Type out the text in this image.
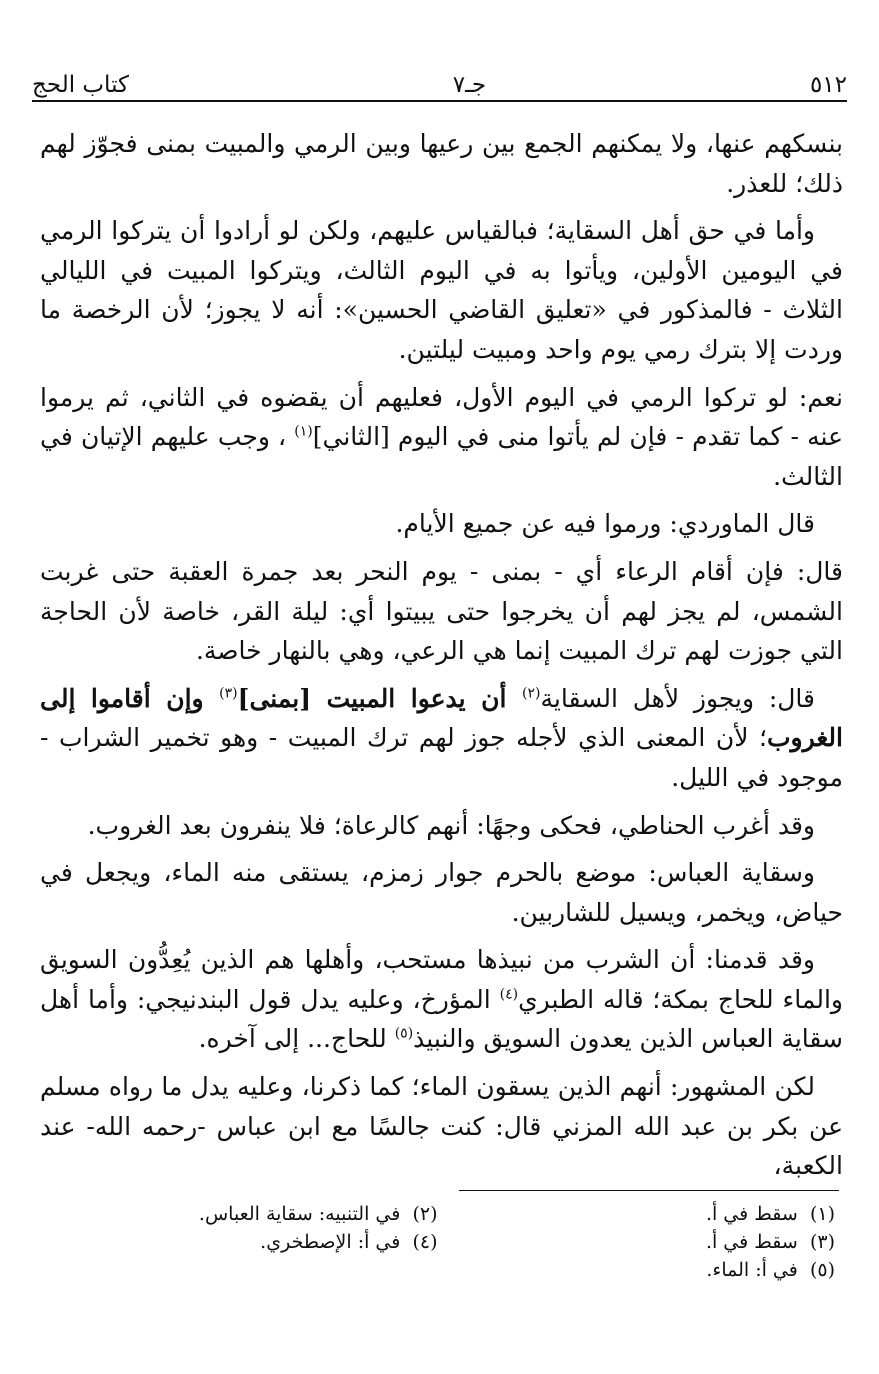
٥١٢
جـ٧
كتاب الحج

بنسكهم عنها، ولا يمكنهم الجمع بين رعيها وبين الرمي والمبيت بمنى فجوّز لهم ذلك؛ للعذر.

وأما في حق أهل السقاية؛ فبالقياس عليهم، ولكن لو أرادوا أن يتركوا الرمي في اليومين الأولين، ويأتوا به في اليوم الثالث، ويتركوا المبيت في الليالي الثلاث - فالمذكور في «تعليق القاضي الحسين»: أنه لا يجوز؛ لأن الرخصة ما وردت إلا بترك رمي يوم واحد ومبيت ليلتين.

نعم: لو تركوا الرمي في اليوم الأول، فعليهم أن يقضوه في الثاني، ثم يرموا عنه - كما تقدم - فإن لم يأتوا منى في اليوم [الثاني]$^{(١)}$ ، وجب عليهم الإتيان في الثالث.

قال الماوردي: ورموا فيه عن جميع الأيام.

قال: فإن أقام الرعاء أي - بمنى - يوم النحر بعد جمرة العقبة حتى غربت الشمس، لم يجز لهم أن يخرجوا حتى يبيتوا أي: ليلة القر، خاصة لأن الحاجة التي جوزت لهم ترك المبيت إنما هي الرعي، وهي بالنهار خاصة.

قال: ويجوز لأهل السقاية$^{(٢)}$ أن يدعوا المبيت [بمنى]$^{(٣)}$ وإن أقاموا إلى الغروب؛ لأن المعنى الذي لأجله جوز لهم ترك المبيت - وهو تخمير الشراب - موجود في الليل.

وقد أغرب الحناطي، فحكى وجهًا: أنهم كالرعاة؛ فلا ينفرون بعد الغروب.

وسقاية العباس: موضع بالحرم جوار زمزم، يستقى منه الماء، ويجعل في حياض، ويخمر، ويسيل للشاربين.

وقد قدمنا: أن الشرب من نبيذها مستحب، وأهلها هم الذين يُعِدُّون السويق والماء للحاج بمكة؛ قاله الطبري$^{(٤)}$ المؤرخ، وعليه يدل قول البندنيجي: وأما أهل سقاية العباس الذين يعدون السويق والنبيذ$^{(٥)}$ للحاج... إلى آخره.

لكن المشهور: أنهم الذين يسقون الماء؛ كما ذكرنا، وعليه يدل ما رواه مسلم عن بكر بن عبد الله المزني قال: كنت جالسًا مع ابن عباس -رحمه الله- عند الكعبة،

(١)  سقط في أ.
(٢)  في التنبيه: سقاية العباس.
(٣)  سقط في أ.
(٤)  في أ: الإصطخري.
(٥)  في أ: الماء.
